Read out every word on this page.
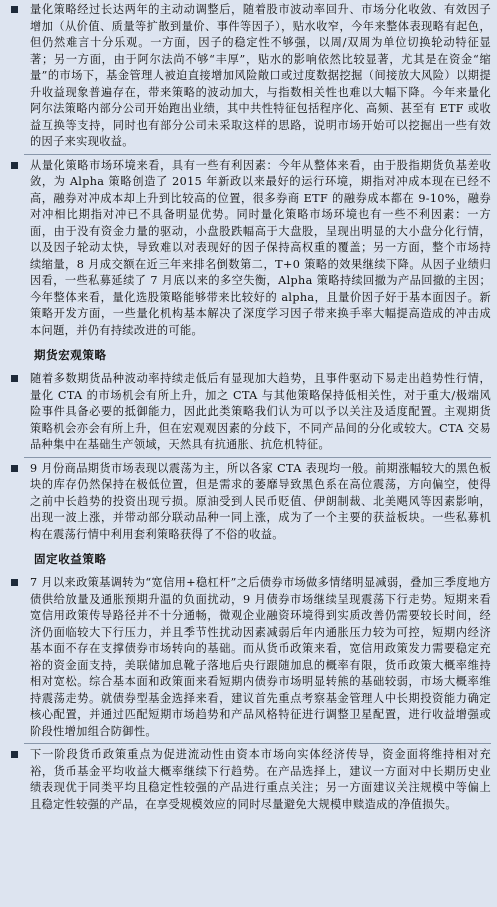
量化策略经过长达两年的主动动调整后，随着股市波动率回升、市场分化收敛、有效因子增加（从价值、质量等扩散到量价、事件等因子），贴水收窄，今年来整体表现略有起色，但仍然难言十分乐观。一方面，因子的稳定性不够强，以周/双周为单位切换轮动特征显著；另一方面，由于阿尔法尚不够“丰厚”，贴水的影响依然比较显著，尤其是在资金“缩量”的市场下，基金管理人被迫直接增加风险敞口或过度数据挖掘（间接放大风险）以期提升收益现象普遍存在，带来策略的波动加大，与指数相关性也难以大幅下降。今年来量化阿尔法策略内部分公司开始跑出业绩，其中共性特征包括程序化、高频、甚至有 ETF 或收益互换等支持，同时也有部分公司未采取这样的思路，说明市场开始可以挖掘出一些有效的因子来实现收益。

从量化策略市场环境来看，具有一些有利因素：今年从整体来看，由于股指期货负基差收敛，为 Alpha 策略创造了 2015 年新政以来最好的运行环境，期指对冲成本现在已经不高，融券对冲成本却上升到比较高的位置，很多券商 ETF 的融券成本都在 9-10%，融券对冲相比期指对冲已不具备明显优势。同时量化策略市场环境也有一些不利因素：一方面，由于没有资金力量的驱动，小盘股跌幅高于大盘股，呈现出明显的大小盘分化行情，以及因子轮动太快，导致难以对表现好的因子保持高权重的覆盖；另一方面，整个市场持续缩量，8 月成交额在近三年来排名倒数第二，T+0 策略的效果继续下降。从因子业绩归因看，一些私募延续了 7 月底以来的多空失衡，Alpha 策略持续回撤为产品回撤的主因；今年整体来看，量化选股策略能够带来比较好的 alpha，且量价因子好于基本面因子。新策略开发方面，一些量化机构基本解决了深度学习因子带来换手率大幅提高造成的冲击成本问题，并仍有持续改进的可能。

期货宏观策略

随着多数期货品种波动率持续走低后有显现加大趋势，且事件驱动下易走出趋势性行情，量化 CTA 的市场机会有所上升，加之 CTA 与其他策略保持低相关性，对于重大/极端风险事件具备必要的抵御能力，因此此类策略我们认为可以予以关注及适度配置。主观期货策略机会亦会有所上升，但在宏观观因素的分歧下，不同产品间的分化或较大。CTA 交易品种集中在基础生产领域，天然具有抗通胀、抗危机特征。

9 月份商品期货市场表现以震荡为主，所以各家 CTA 表现均一般。前期涨幅较大的黑色板块的库存仍然保持在极低位置，但是需求的萎靡导致黑色系在高位震荡，方向偏空，使得之前中长趋势的投资出现亏损。原油受到人民币贬值、伊朗制裁、北美飓风等因素影响，出现一波上涨，并带动部分联动品种一同上涨，成为了一个主要的获益板块。一些私募机构在震荡行情中利用套利策略获得了不俗的收益。

固定收益策略

7 月以来政策基调转为“宽信用+稳杠杆”之后债券市场做多情绪明显减弱，叠加三季度地方债供给放量及通胀预期升温的负面扰动，9 月债券市场继续呈现震荡下行走势。短期来看宽信用政策传导路径并不十分通畅，微观企业融资环境得到实质改善仍需要较长时间，经济仍面临较大下行压力，并且季节性扰动因素减弱后年内通胀压力较为可控，短期内经济基本面不存在支撑债券市场转向的基础。而从货币政策来看，宽信用政策发力需要稳定充裕的资金面支持，美联储加息靴子落地后央行跟随加息的概率有限，货币政策大概率维持相对宽松。综合基本面和政策面来看短期内债券市场明显转熊的基础较弱，市场大概率维持震荡走势。就债券型基金选择来看，建议首先重点考察基金管理人中长期投资能力确定核心配置，并通过匹配短期市场趋势和产品风格特征进行调整卫星配置，进行收益增强或阶段性增加组合防御性。

下一阶段货币政策重点为促进流动性由资本市场向实体经济传导，资金面将维持相对充裕，货币基金平均收益大概率继续下行趋势。在产品选择上，建议一方面对中长期历史业绩表现优于同类平均且稳定性较强的产品进行重点关注；另一方面建议关注规模中等偏上且稳定性较强的产品，在享受规模效应的同时尽量避免大规模申赎造成的净值损失。
